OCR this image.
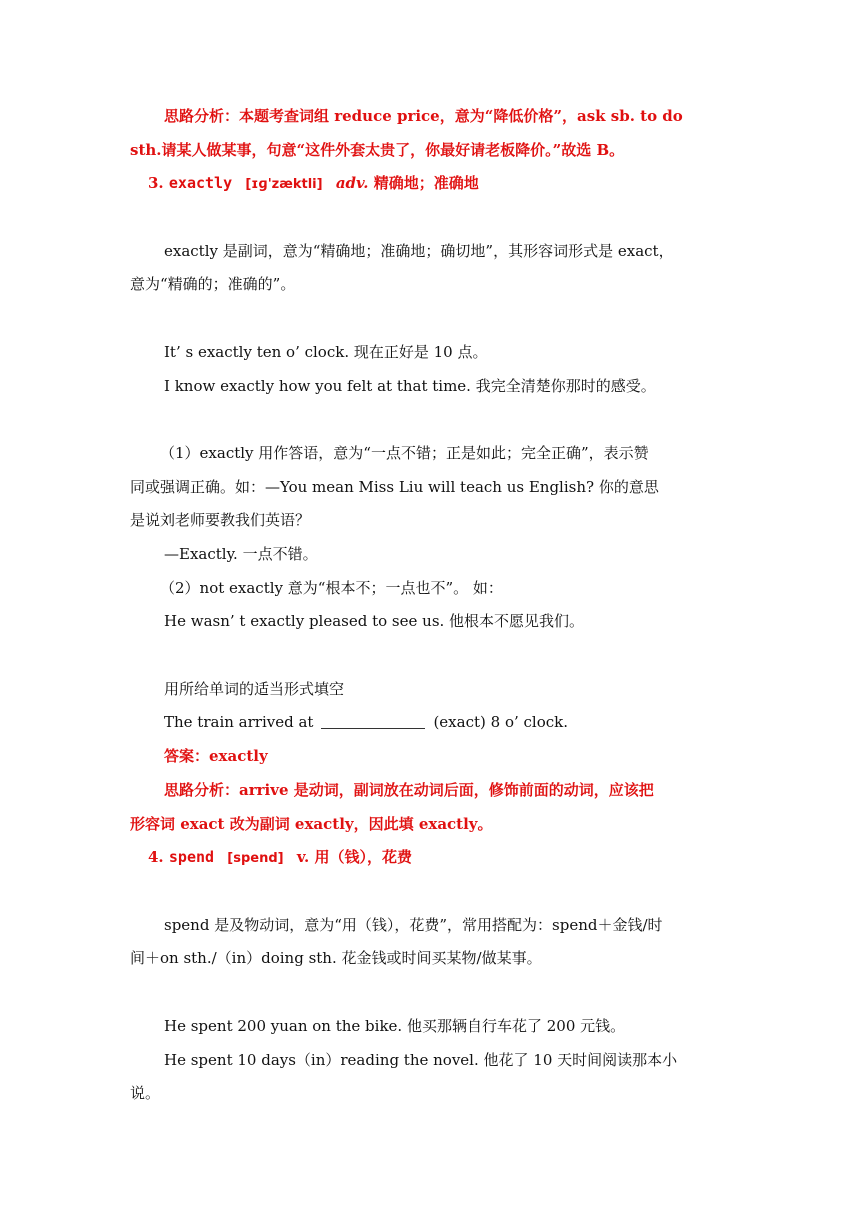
思路分析：本题考查词组 reduce price，意为“降低价格”，ask sb. to do
sth.请某人做某事，句意“这件外套太贵了，你最好请老板降价。”故选 B。
3. exactly [ɪɡ'zæktli] adv. 精确地；准确地
exactly 是副词，意为“精确地；准确地；确切地”，其形容词形式是 exact，
意为“精确的；准确的”。
It’ s exactly ten o’ clock. 现在正好是 10 点。
I know exactly how you felt at that time. 我完全清楚你那时的感受。
（1）exactly 用作答语，意为“一点不错；正是如此；完全正确”，表示赞
同或强调正确。如：—You mean Miss Liu will teach us English? 你的意思
是说刘老师要教我们英语？
—Exactly. 一点不错。
（2）not exactly 意为“根本不；一点也不”。 如：
He wasn’ t exactly pleased to see us. 他根本不愿见我们。
用所给单词的适当形式填空
The train arrived at	(exact) 8 o’ clock.
答案：exactly
思路分析：arrive 是动词，副词放在动词后面，修饰前面的动词，应该把
形容词 exact 改为副词 exactly，因此填 exactly。
4. spend [spend] v. 用（钱），花费
spend 是及物动词，意为“用（钱），花费”，常用搭配为：spend＋金钱/时
间＋on sth./（in）doing sth. 花金钱或时间买某物/做某事。
He spent 200 yuan on the bike. 他买那辆自行车花了 200 元钱。
He spent 10 days（in）reading the novel. 他花了 10 天时间阅读那本小
说。
